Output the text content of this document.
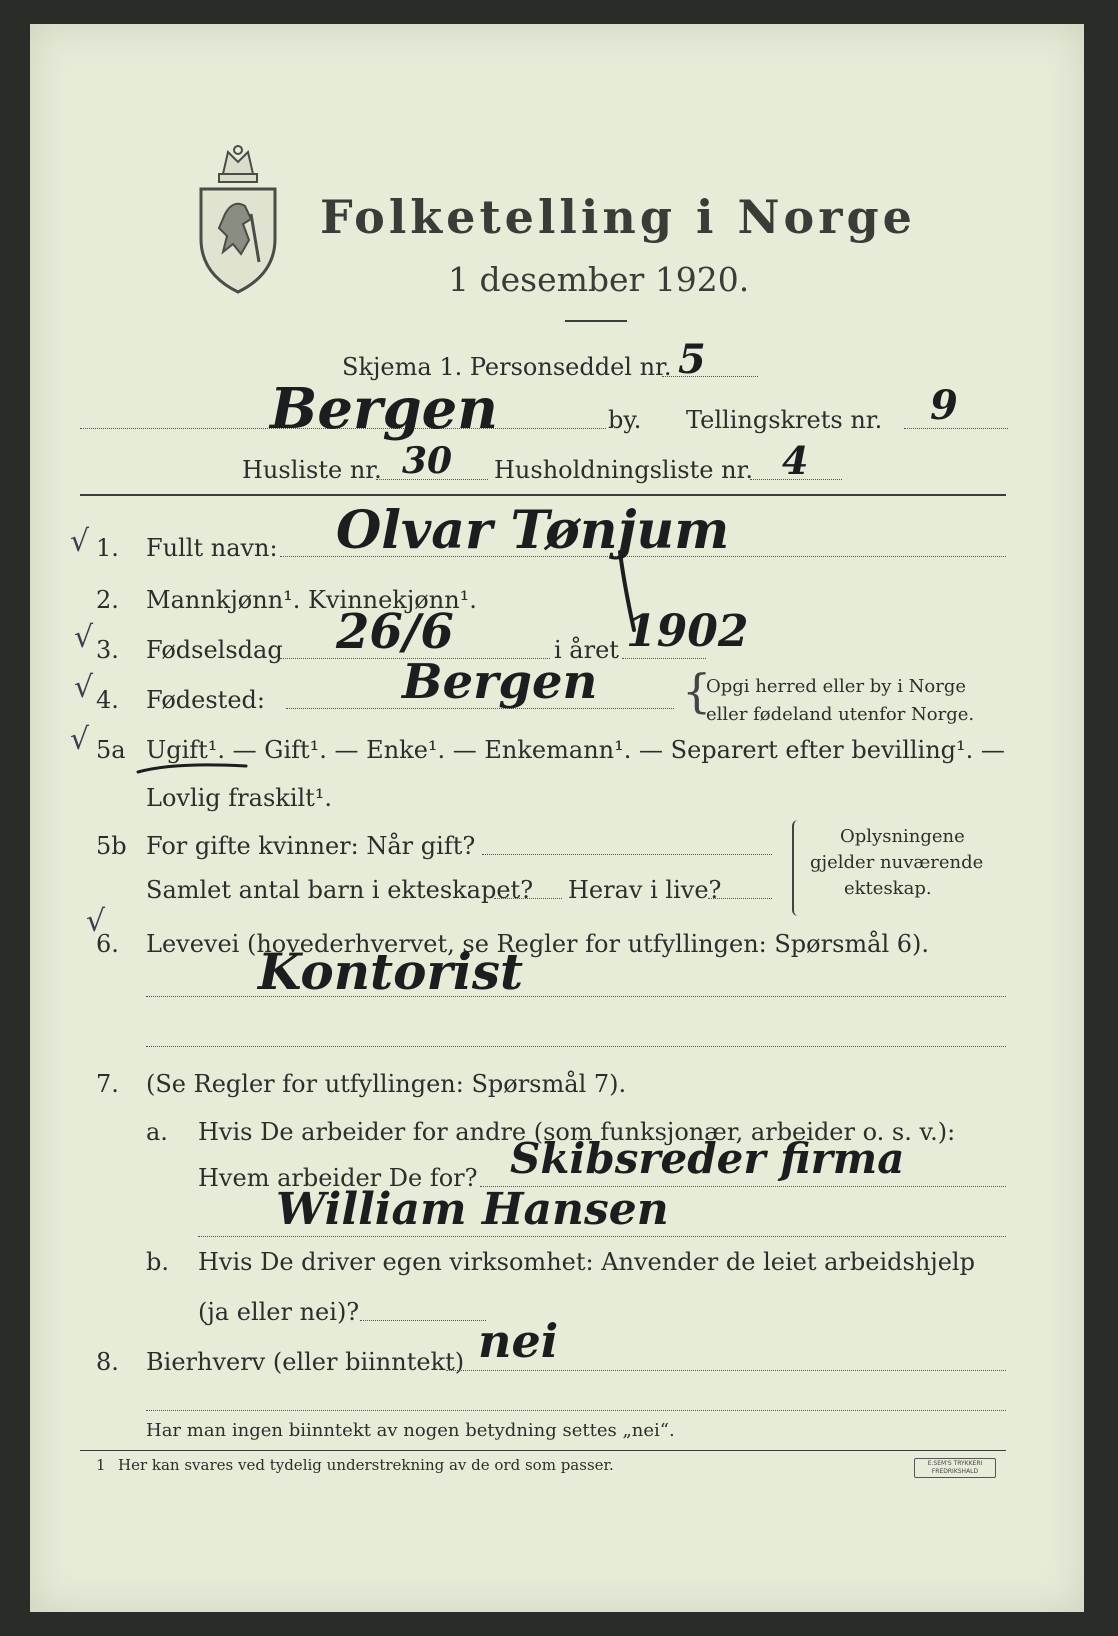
Folketelling i Norge
1 desember 1920.
Skjema 1. Personseddel nr. 5
Bergen	by. Tellingskrets nr. 9
Husliste nr. 30 Husholdningsliste nr. 4
√ 1. Fullt navn: Olvar Tønjum
2. Mannkjønn¹. Kvinnekjønn¹.
√ 3. Fødselsdag 26/6	i året 1902
√ 4. Fødested:	Bergen {
Opgi herred eller by i Norge
eller fødeland utenfor Norge.
√ 5a Ugift¹. — Gift¹. — Enke¹. — Enkemann¹. — Separert efter bevilling¹. —
Lovlig fraskilt¹.
5b For gifte kvinner: Når gift?
Samlet antal barn i ekteskapet? Herav i live?
Oplysningene
gjelder nuværende
ekteskap.
√
6. Levevei (hovederhvervet, se Regler for utfyllingen: Spørsmål 6).
Kontorist
7. (Se Regler for utfyllingen: Spørsmål 7).
a. Hvis De arbeider for andre (som funksjonær, arbeider o. s. v.):
Hvem arbeider De for? Skibsreder firma
William Hansen
b. Hvis De driver egen virksomhet: Anvender de leiet arbeidshjelp
(ja eller nei)?
8. Bierhverv (eller biinntekt) nei
Har man ingen biinntekt av nogen betydning settes „nei“.
1 Her kan svares ved tydelig understrekning av de ord som passer.	E.SEM'S TRYKKERI
FREDRIKSHALD
